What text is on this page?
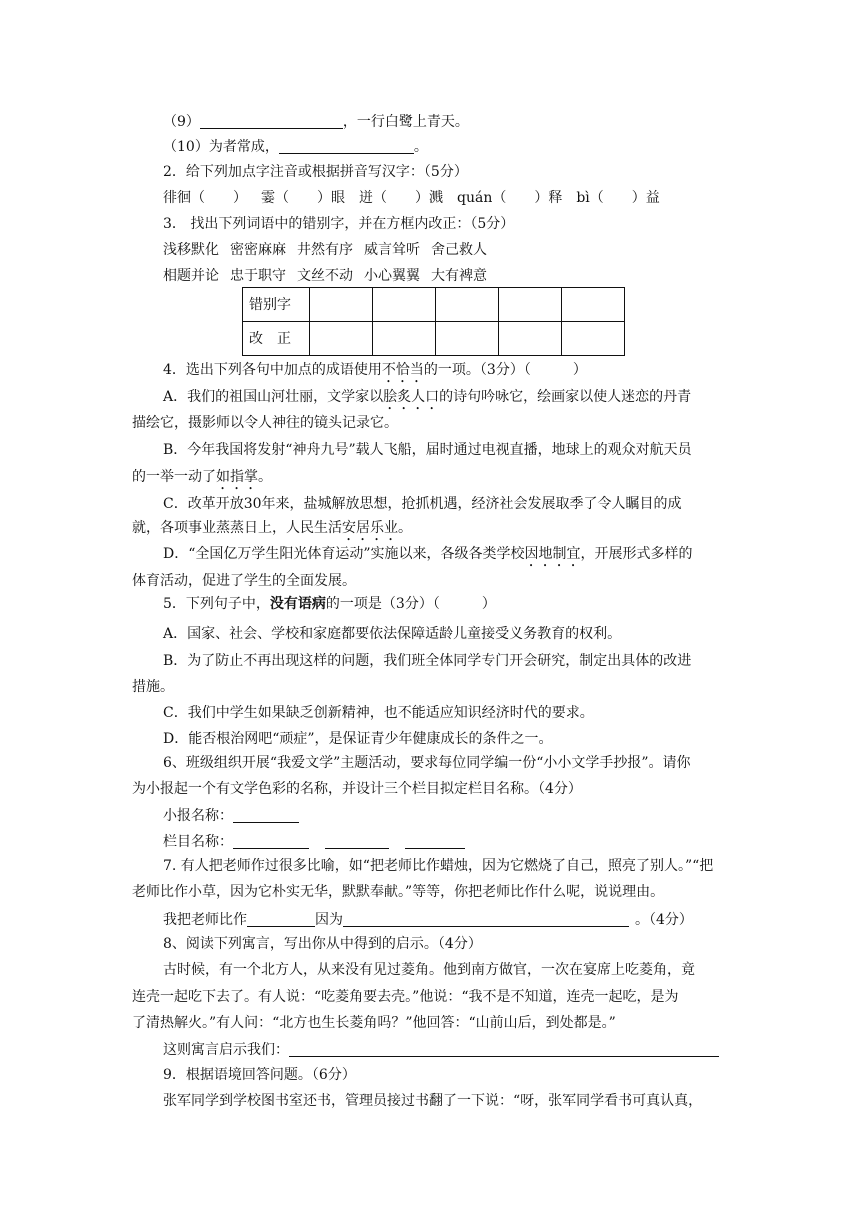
（9）	，一行白鹭上青天。
（10）为者常成，	。
2．给下列加点字注音或根据拼音写汉字：（5分）
徘徊（　　） 霎（　　）眼 迸（　　）溅 quán（　　）释 bì（　　）益
3． 找出下列词语中的错别字，并在方框内改正：（5分）
浅移默化 密密麻麻 井然有序 威言耸听 舍己救人
相题并论 忠于职守 文丝不动 小心翼翼 大有裨意
错别字					
改　正					
4．选出下列各句中加点的成语使用不恰当的一项。（3分）（　　　）
A．我们的祖国山河壮丽，文学家以脍炙人口的诗句吟咏它，绘画家以使人迷恋的丹青
描绘它，摄影师以令人神往的镜头记录它。
B．今年我国将发射“神舟九号”载人飞船，届时通过电视直播，地球上的观众对航天员
的一举一动了如指掌。
C．改革开放30年来，盐城解放思想，抢抓机遇，经济社会发展取季了令人瞩目的成
就，各项事业蒸蒸日上，人民生活安居乐业。
D．“全国亿万学生阳光体育运动”实施以来，各级各类学校因地制宜，开展形式多样的
体育活动，促进了学生的全面发展。
5．下列句子中，没有语病的一项是（3分）（　　　）
A．国家、社会、学校和家庭都要依法保障适龄儿童接受义务教育的权利。
B．为了防止不再出现这样的问题，我们班全体同学专门开会研究，制定出具体的改进
措施。
C．我们中学生如果缺乏创新精神，也不能适应知识经济时代的要求。
D．能否根治网吧“顽症”，是保证青少年健康成长的条件之一。
6、班级组织开展“我爱文学”主题活动，要求每位同学编一份“小小文学手抄报”。请你
为小报起一个有文学色彩的名称，并设计三个栏目拟定栏目名称。（4分）
小报名称：
栏目名称：
7. 有人把老师作过很多比喻，如“把老师比作蜡烛，因为它燃烧了自己，照亮了别人。”“把
老师比作小草，因为它朴实无华，默默奉献。”等等，你把老师比作什么呢，说说理由。
我把老师比作	因为	。（4分）
8、阅读下列寓言，写出你从中得到的启示。（4分）
古时候，有一个北方人，从来没有见过菱角。他到南方做官，一次在宴席上吃菱角，竟
连壳一起吃下去了。有人说：“吃菱角要去壳。”他说：“我不是不知道，连壳一起吃，是为
了清热解火。”有人问：“北方也生长菱角吗？”他回答：“山前山后，到处都是。”
这则寓言启示我们：
9．根据语境回答问题。（6分）
张军同学到学校图书室还书，管理员接过书翻了一下说：“呀，张军同学看书可真认真，
